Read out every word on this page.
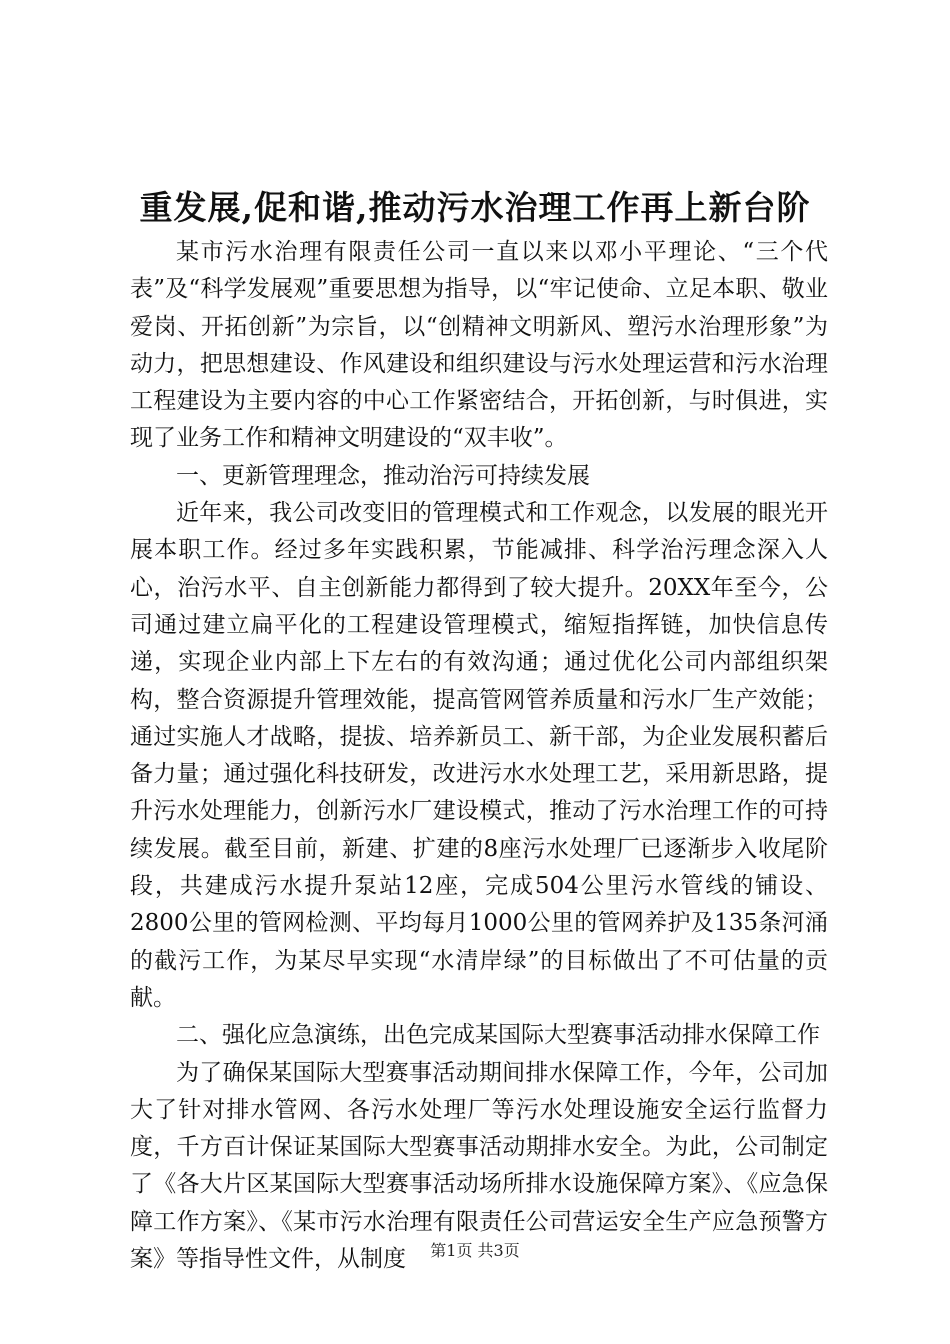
重发展,促和谐,推动污水治理工作再上新台阶

某市污水治理有限责任公司一直以来以邓小平理论、“三个代表”及“科学发展观”重要思想为指导，以“牢记使命、立足本职、敬业爱岗、开拓创新”为宗旨，以“创精神文明新风、塑污水治理形象”为动力，把思想建设、作风建设和组织建设与污水处理运营和污水治理工程建设为主要内容的中心工作紧密结合，开拓创新，与时俱进，实现了业务工作和精神文明建设的“双丰收”。

一、更新管理理念，推动治污可持续发展

近年来，我公司改变旧的管理模式和工作观念，以发展的眼光开展本职工作。经过多年实践积累，节能减排、科学治污理念深入人心，治污水平、自主创新能力都得到了较大提升。20XX年至今，公司通过建立扁平化的工程建设管理模式，缩短指挥链，加快信息传递，实现企业内部上下左右的有效沟通；通过优化公司内部组织架构，整合资源提升管理效能，提高管网管养质量和污水厂生产效能；通过实施人才战略，提拔、培养新员工、新干部，为企业发展积蓄后备力量；通过强化科技研发，改进污水水处理工艺，采用新思路，提升污水处理能力，创新污水厂建设模式，推动了污水治理工作的可持续发展。截至目前，新建、扩建的8座污水处理厂已逐渐步入收尾阶段，共建成污水提升泵站12座，完成504公里污水管线的铺设、2800公里的管网检测、平均每月1000公里的管网养护及135条河涌的截污工作，为某尽早实现“水清岸绿”的目标做出了不可估量的贡献。

二、强化应急演练，出色完成某国际大型赛事活动排水保障工作

为了确保某国际大型赛事活动期间排水保障工作，今年，公司加大了针对排水管网、各污水处理厂等污水处理设施安全运行监督力度，千方百计保证某国际大型赛事活动期排水安全。为此，公司制定了《各大片区某国际大型赛事活动场所排水设施保障方案》、《应急保障工作方案》、《某市污水治理有限责任公司营运安全生产应急预警方案》等指导性文件，从制度	第1页 共3页
